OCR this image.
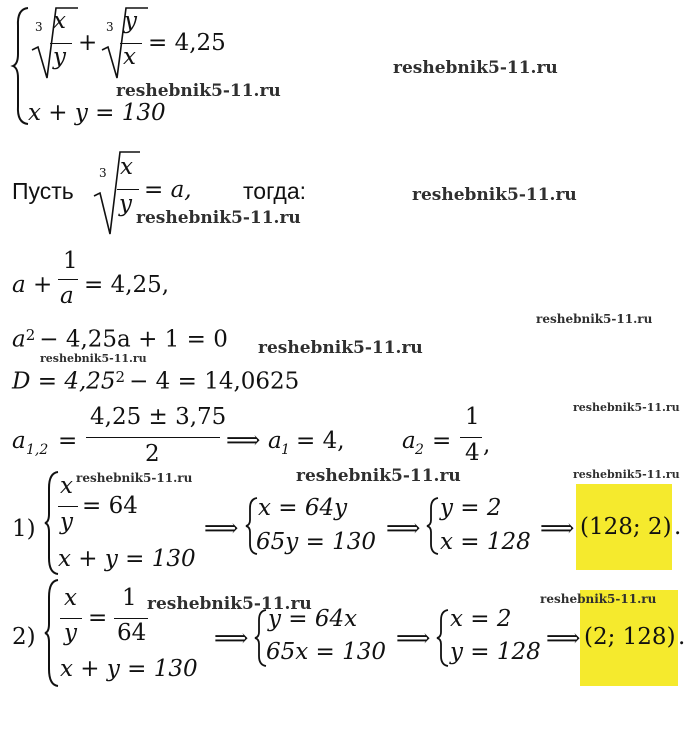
3 x
y
+
3 y
x
= 4,25
x + y = 130
Пусть
3 x
y
= a, тогда:
a +
1
a = 4,25,
$a^2 - 4,25a + 1 = 0$
$D = 4,25^2 - 4 = 14,0625$
a 1,2 =
4,25 ± 3,75
2	⟹ a 1 = 4, a 2 =
1
4 ,
1)
x
y
= 64
x + y = 130
⟹
x = 64y
65y = 130 ⟹
y = 2
x = 128 ⟹ (128; 2) .
2)
x
y
=
1
64
x + y = 130
⟹
y = 64x
65x = 130 ⟹
x = 2
y = 128 ⟹ (2; 128) .
reshebnik5-11.ru
reshebnik5-11.ru
reshebnik5-11.ru
reshebnik5-11.ru
reshebnik5-11.ru
reshebnik5-11.ru
reshebnik5-11.ru
reshebnik5-11.ru
reshebnik5-11.ru	reshebnik5-11.ru	reshebnik5-11.ru
reshebnik5-11.ru	reshebnik5-11.ru
